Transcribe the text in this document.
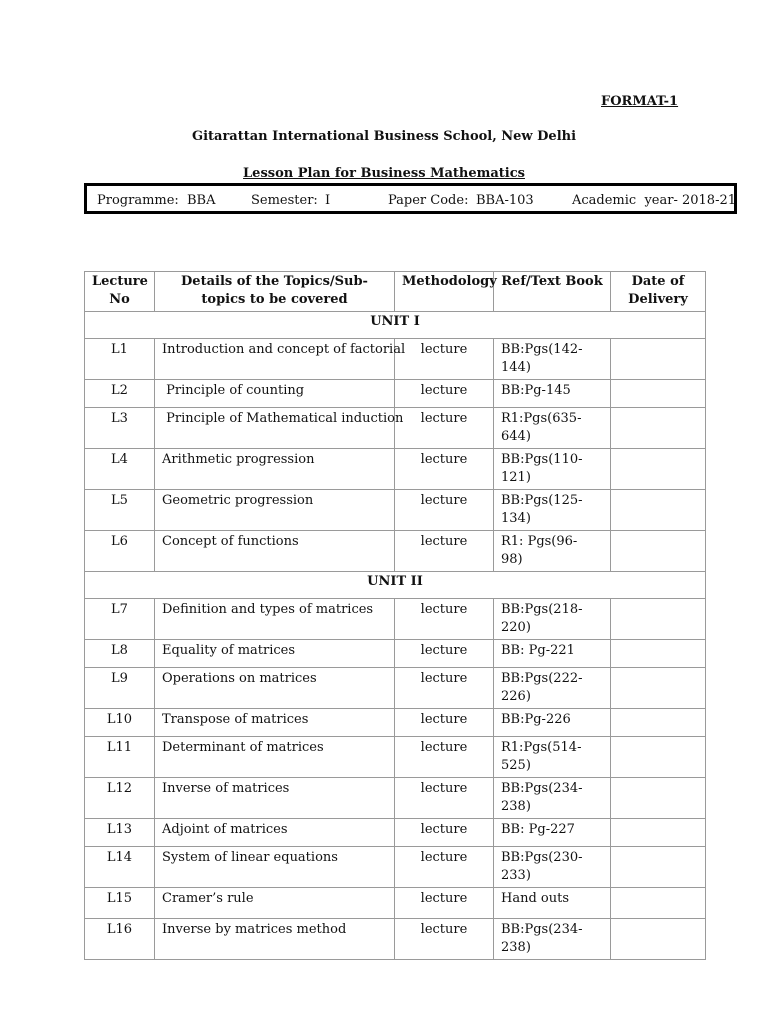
FORMAT-1
Gitarattan International Business School, New Delhi
Lesson Plan for Business Mathematics
Programme: BBA	Semester: I	Paper Code: BBA-103	Academic  year- 2018-21
Lecture No	Details of the Topics/Sub-topics to be covered	Methodology	Ref/Text Book	Date of Delivery
UNIT I				
L1	Introduction and concept of factorial	lecture	BB:Pgs(142-144)	
L2	Principle of counting	lecture	BB:Pg-145	
L3	Principle of Mathematical induction	lecture	R1:Pgs(635-644)	
L4	Arithmetic progression	lecture	BB:Pgs(110-121)	
L5	Geometric progression	lecture	BB:Pgs(125-134)	
L6	Concept of functions	lecture	R1: Pgs(96-98)	
UNIT II				
L7	Definition and types of matrices	lecture	BB:Pgs(218-220)	
L8	Equality of matrices	lecture	BB: Pg-221	
L9	Operations on matrices	lecture	BB:Pgs(222-226)	
L10	Transpose of matrices	lecture	BB:Pg-226	
L11	Determinant of matrices	lecture	R1:Pgs(514-525)	
L12	Inverse of matrices	lecture	BB:Pgs(234-238)	
L13	Adjoint of matrices	lecture	BB: Pg-227	
L14	System of linear equations	lecture	BB:Pgs(230-233)	
L15	Cramer’s rule	lecture	Hand outs	
L16	Inverse by matrices method	lecture	BB:Pgs(234-238)	
